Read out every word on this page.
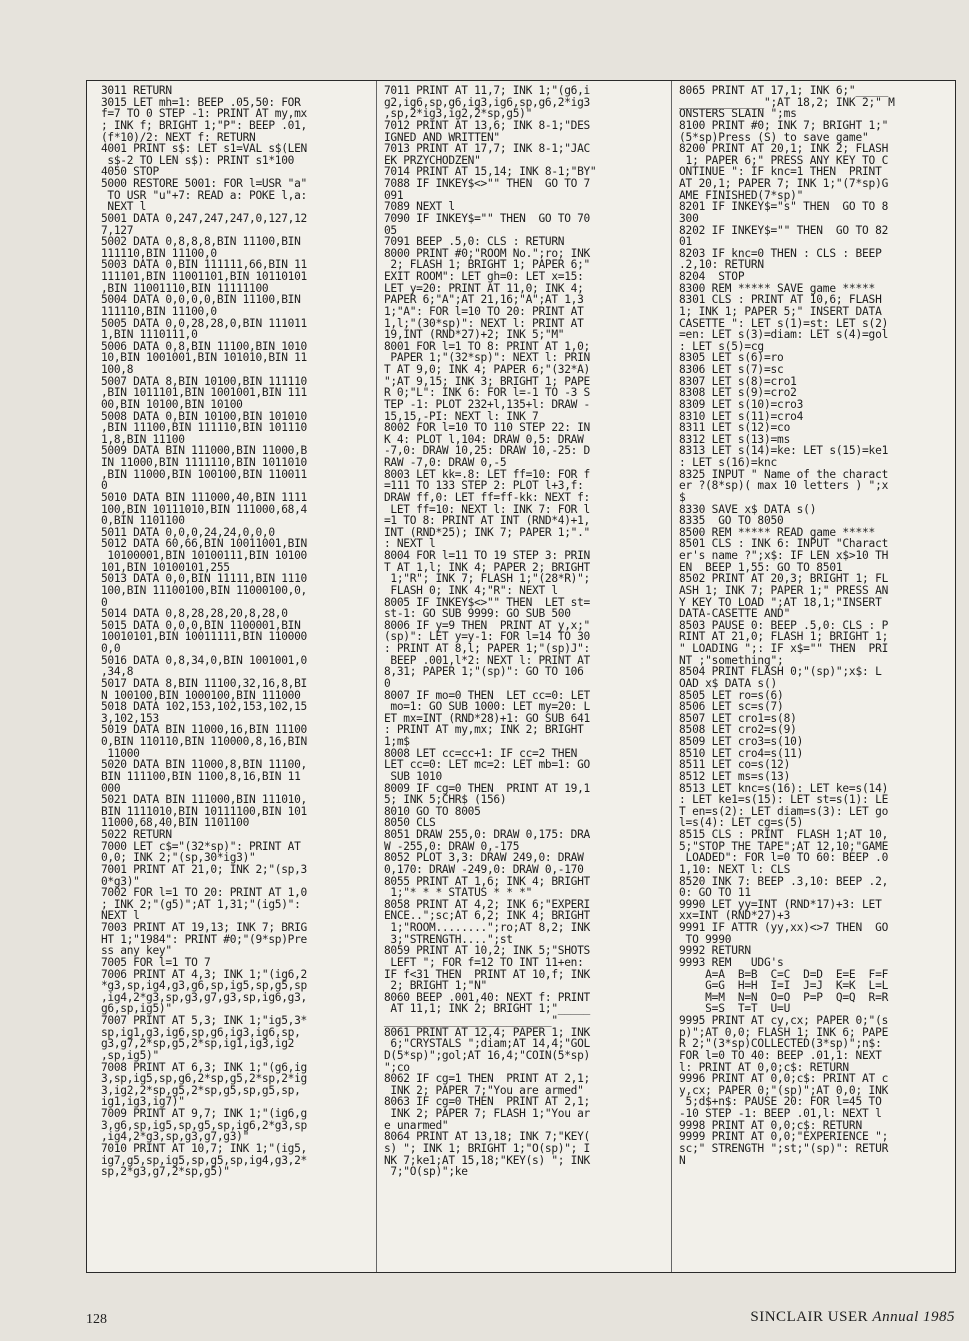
3011 RETURN
3015 LET mh=1: BEEP .05,50: FOR
f=7 TO 0 STEP -1: PRINT AT my,mx
; INK f; BRIGHT 1;"P": BEEP .01,
(f*10)/2: NEXT f: RETURN
4001 PRINT s$: LET s1=VAL s$(LEN
s$-2 TO LEN s$): PRINT s1*100
4050 STOP
5000 RESTORE 5001: FOR l=USR "a"
TO USR "u"+7: READ a: POKE l,a:
NEXT l
5001 DATA 0,247,247,247,0,127,12
7,127
5002 DATA 0,8,8,8,BIN 11100,BIN
111110,BIN 11100,0
5003 DATA 0,BIN 111111,66,BIN 11
111101,BIN 11001101,BIN 10110101
,BIN 11001110,BIN 11111100
5004 DATA 0,0,0,0,BIN 11100,BIN
111110,BIN 11100,0
5005 DATA 0,0,28,28,0,BIN 111011
1,BIN 1110111,0
5006 DATA 0,8,BIN 11100,BIN 1010
10,BIN 1001001,BIN 101010,BIN 11
100,8
5007 DATA 8,BIN 10100,BIN 111110
,BIN 1011101,BIN 1001001,BIN 111
00,BIN 10100,BIN 10100
5008 DATA 0,BIN 10100,BIN 101010
,BIN 11100,BIN 111110,BIN 101110
1,8,BIN 11100
5009 DATA BIN 111000,BIN 11000,B
IN 11000,BIN 1111110,BIN 1011010
,BIN 11000,BIN 100100,BIN 110011
0
5010 DATA BIN 111000,40,BIN 1111
100,BIN 10111010,BIN 111000,68,4
0,BIN 1101100
5011 DATA 0,0,0,24,24,0,0,0
5012 DATA 60,66,BIN 10011001,BIN
10100001,BIN 10100111,BIN 10100
101,BIN 10100101,255
5013 DATA 0,0,BIN 11111,BIN 1110
100,BIN 11100100,BIN 11000100,0,
0
5014 DATA 0,8,28,28,20,8,28,0
5015 DATA 0,0,0,BIN 1100001,BIN
10010101,BIN 10011111,BIN 110000
0,0
5016 DATA 0,8,34,0,BIN 1001001,0
,34,8
5017 DATA 8,BIN 11100,32,16,8,BI
N 100100,BIN 1000100,BIN 111000
5018 DATA 102,153,102,153,102,15
3,102,153
5019 DATA BIN 11000,16,BIN 11100
0,BIN 110110,BIN 110000,8,16,BIN
11000
5020 DATA BIN 11000,8,BIN 11100,
BIN 111100,BIN 1100,8,16,BIN 11
000
5021 DATA BIN 111000,BIN 111010,
BIN 1111010,BIN 10111100,BIN 101
11000,68,40,BIN 1101100
5022 RETURN
7000 LET c$="(32*sp)": PRINT AT
0,0; INK 2;"(sp,30*ig3)"
7001 PRINT AT 21,0; INK 2;"(sp,3
0*g3)"
7002 FOR l=1 TO 20: PRINT AT 1,0
; INK 2;"(g5)";AT 1,31;"(ig5)":
NEXT l
7003 PRINT AT 19,13; INK 7; BRIG
HT 1;"1984": PRINT #0;"(9*sp)Pre
ss any key"
7005 FOR l=1 TO 7
7006 PRINT AT 4,3; INK 1;"(ig6,2
*g3,sp,ig4,g3,g6,sp,ig5,sp,g5,sp
,ig4,2*g3,sp,g3,g7,g3,sp,ig6,g3,
g6,sp,ig5)"
7007 PRINT AT 5,3; INK 1;"ig5,3*
sp,ig1,g3,ig6,sp,g6,ig3,ig6,sp,
g3,g7,2*sp,g5,2*sp,ig1,ig3,ig2
,sp,ig5)"
7008 PRINT AT 6,3; INK 1;"(g6,ig
3,sp,ig5,sp,g6,2*sp,g5,2*sp,2*ig
3,ig2,2*sp,g5,2*sp,g5,sp,g5,sp,
ig1,ig3,ig7)"
7009 PRINT AT 9,7; INK 1;"(ig6,g
3,g6,sp,ig5,sp,g5,sp,ig6,2*g3,sp
,ig4,2*g3,sp,g3,g7,g3)"
7010 PRINT AT 10,7; INK 1;"(ig5,
ig7,g5,sp,ig5,sp,g5,sp,ig4,g3,2*
sp,2*g3,g7,2*sp,g5)"
7011 PRINT AT 11,7; INK 1;"(g6,i
g2,ig6,sp,g6,ig3,ig6,sp,g6,2*ig3
,sp,2*ig3,ig2,2*sp,g5)"
7012 PRINT AT 13,6; INK 8-1;"DES
IGNED AND WRITTEN"
7013 PRINT AT 17,7; INK 8-1;"JAC
EK PRZYCHODZEN"
7014 PRINT AT 15,14; INK 8-1;"BY"
7088 IF INKEY$<>"" THEN  GO TO 7
091
7089 NEXT l
7090 IF INKEY$="" THEN  GO TO 70
05
7091 BEEP .5,0: CLS : RETURN
8000 PRINT #0;"ROOM No.";ro; INK
2; FLASH 1; BRIGHT 1; PAPER 6;"
EXIT ROOM": LET gh=0: LET x=15:
LET y=20: PRINT AT 11,0; INK 4;
PAPER 6;"A";AT 21,16;"A";AT 1,3
1;"A": FOR l=10 TO 20: PRINT AT
1,l;"(30*sp)": NEXT l: PRINT AT
19,INT (RND*27)+2; INK 5;"M"
8001 FOR l=1 TO 8: PRINT AT 1,0;
PAPER 1;"(32*sp)": NEXT l: PRIN
T AT 9,0; INK 4; PAPER 6;"(32*A)
";AT 9,15; INK 3; BRIGHT 1; PAPE
R 0;"L": INK 6: FOR l=-1 TO -3 S
TEP -1: PLOT 232+l,135+l: DRAW -
15,15,-PI: NEXT l: INK 7
8002 FOR l=10 TO 110 STEP 22: IN
K 4: PLOT l,104: DRAW 0,5: DRAW
-7,0: DRAW 10,25: DRAW 10,-25: D
RAW -7,0: DRAW 0,-5
8003 LET kk=.8: LET ff=10: FOR f
=111 TO 133 STEP 2: PLOT l+3,f:
DRAW ff,0: LET ff=ff-kk: NEXT f:
LET ff=10: NEXT l: INK 7: FOR l
=1 TO 8: PRINT AT INT (RND*4)+1,
INT (RND*25); INK 7; PAPER 1;"."
: NEXT l
8004 FOR l=11 TO 19 STEP 3: PRIN
T AT 1,l; INK 4; PAPER 2; BRIGHT
1;"R"; INK 7; FLASH 1;"(28*R)";
FLASH 0; INK 4;"R": NEXT l
8005 IF INKEY$<>"" THEN  LET st=
st-1: GO SUB 9999: GO SUB 500
8006 IF y=9 THEN  PRINT AT y,x;"
(sp)": LET y=y-1: FOR l=14 TO 30
: PRINT AT 8,l; PAPER 1;"(sp)J":
BEEP .001,l*2: NEXT l: PRINT AT
8,31; PAPER 1;"(sp)": GO TO 106
0
8007 IF mo=0 THEN  LET cc=0: LET
mo=1: GO SUB 1000: LET my=20: L
ET mx=INT (RND*28)+1: GO SUB 641
: PRINT AT my,mx; INK 2; BRIGHT
1;m$
8008 LET cc=cc+1: IF cc=2 THEN
LET cc=0: LET mc=2: LET mb=1: GO
SUB 1010
8009 IF cg=0 THEN  PRINT AT 19,1
5; INK 5;CHR$ (156)
8010 GO TO 8005
8050 CLS
8051 DRAW 255,0: DRAW 0,175: DRA
W -255,0: DRAW 0,-175
8052 PLOT 3,3: DRAW 249,0: DRAW
0,170: DRAW -249,0: DRAW 0,-170
8055 PRINT AT 1,6; INK 4; BRIGHT
1;"* * * STATUS * * *"
8058 PRINT AT 4,2; INK 6;"EXPERI
ENCE..";sc;AT 6,2; INK 4; BRIGHT
1;"ROOM........";ro;AT 8,2; INK
3;"STRENGTH....";st
8059 PRINT AT 10,2; INK 5;"SHOTS
LEFT "; FOR f=12 TO INT 11+en:
IF f<31 THEN  PRINT AT 10,f; INK
2; BRIGHT 1;"N"
8060 BEEP .001,40: NEXT f: PRINT
AT 11,1; INK 2; BRIGHT 1;"_____
__________________________"
8061 PRINT AT 12,4; PAPER 1; INK
6;"CRYSTALS ";diam;AT 14,4;"GOL
D(5*sp)";gol;AT 16,4;"COIN(5*sp)
";co
8062 IF cg=1 THEN  PRINT AT 2,1;
INK 2; PAPER 7;"You are armed"
8063 IF cg=0 THEN  PRINT AT 2,1;
INK 2; PAPER 7; FLASH 1;"You ar
e unarmed"
8064 PRINT AT 13,18; INK 7;"KEY(
s) "; INK 1; BRIGHT 1;"O(sp)"; I
NK 7;ke1;AT 15,18;"KEY(s) "; INK
7;"O(sp)";ke
8065 PRINT AT 17,1; INK 6;"_____
_____________";AT 18,2; INK 2;" M
ONSTERS SLAIN ";ms
8100 PRINT #0; INK 7; BRIGHT 1;"
(5*sp)Press (S) to save game"
8200 PRINT AT 20,1; INK 2; FLASH
1; PAPER 6;" PRESS ANY KEY TO C
ONTINUE ": IF knc=1 THEN  PRINT
AT 20,1; PAPER 7; INK 1;"(7*sp)G
AME FINISHED(7*sp)"
8201 IF INKEY$="s" THEN  GO TO 8
300
8202 IF INKEY$="" THEN  GO TO 82
01
8203 IF knc=0 THEN : CLS : BEEP
.2,10: RETURN
8204  STOP
8300 REM ***** SAVE game *****
8301 CLS : PRINT AT 10,6; FLASH
1; INK 1; PAPER 5;" INSERT DATA
CASETTE ": LET s(1)=st: LET s(2)
=en: LET s(3)=diam: LET s(4)=gol
: LET s(5)=cg
8305 LET s(6)=ro
8306 LET s(7)=sc
8307 LET s(8)=cro1
8308 LET s(9)=cro2
8309 LET s(10)=cro3
8310 LET s(11)=cro4
8311 LET s(12)=co
8312 LET s(13)=ms
8313 LET s(14)=ke: LET s(15)=ke1
: LET s(16)=knc
8325 INPUT " Name of the charact
er ?(8*sp)( max 10 letters ) ";x
$
8330 SAVE x$ DATA s()
8335  GO TO 8050
8500 REM ***** READ game *****
8501 CLS : INK 6: INPUT "Charact
er's name ?";x$: IF LEN x$>10 TH
EN  BEEP 1,55: GO TO 8501
8502 PRINT AT 20,3; BRIGHT 1; FL
ASH 1; INK 7; PAPER 1;" PRESS AN
Y KEY TO LOAD ";AT 18,1;"INSERT
DATA-CASETTE AND"
8503 PAUSE 0: BEEP .5,0: CLS : P
RINT AT 21,0; FLASH 1; BRIGHT 1;
" LOADING ";: IF x$="" THEN  PRI
NT ;"something";
8504 PRINT FLASH 0;"(sp)";x$: L
OAD x$ DATA s()
8505 LET ro=s(6)
8506 LET sc=s(7)
8507 LET cro1=s(8)
8508 LET cro2=s(9)
8509 LET cro3=s(10)
8510 LET cro4=s(11)
8511 LET co=s(12)
8512 LET ms=s(13)
8513 LET knc=s(16): LET ke=s(14)
: LET ke1=s(15): LET st=s(1): LE
T en=s(2): LET diam=s(3): LET go
l=s(4): LET cg=s(5)
8515 CLS : PRINT  FLASH 1;AT 10,
5;"STOP THE TAPE";AT 12,10;"GAME
LOADED": FOR l=0 TO 60: BEEP .0
1,10: NEXT l: CLS
8520 INK 7: BEEP .3,10: BEEP .2,
0: GO TO 11
9990 LET yy=INT (RND*17)+3: LET
xx=INT (RND*27)+3
9991 IF ATTR (yy,xx)<>7 THEN  GO
TO 9990
9992 RETURN
9993 REM   UDG's
A=A  B=B  C=C  D=D  E=E  F=F
G=G  H=H  I=I  J=J  K=K  L=L
M=M  N=N  O=O  P=P  Q=Q  R=R
S=S  T=T  U=U
9995 PRINT AT cy,cx; PAPER 0;"(s
p)";AT 0,0; FLASH 1; INK 6; PAPE
R 2;"(3*sp)COLLECTED(3*sp)";n$:
FOR l=0 TO 40: BEEP .01,1: NEXT
l: PRINT AT 0,0;c$: RETURN
9996 PRINT AT 0,0;c$: PRINT AT c
y,cx; PAPER 0;"(sp)";AT 0,0; INK
5;d$+n$: PAUSE 20: FOR l=45 TO
-10 STEP -1: BEEP .01,l: NEXT l
9998 PRINT AT 0,0;c$: RETURN
9999 PRINT AT 0,0;"EXPERIENCE ";
sc;" STRENGTH ";st;"(sp)": RETUR
N
128	SINCLAIR USER Annual 1985
